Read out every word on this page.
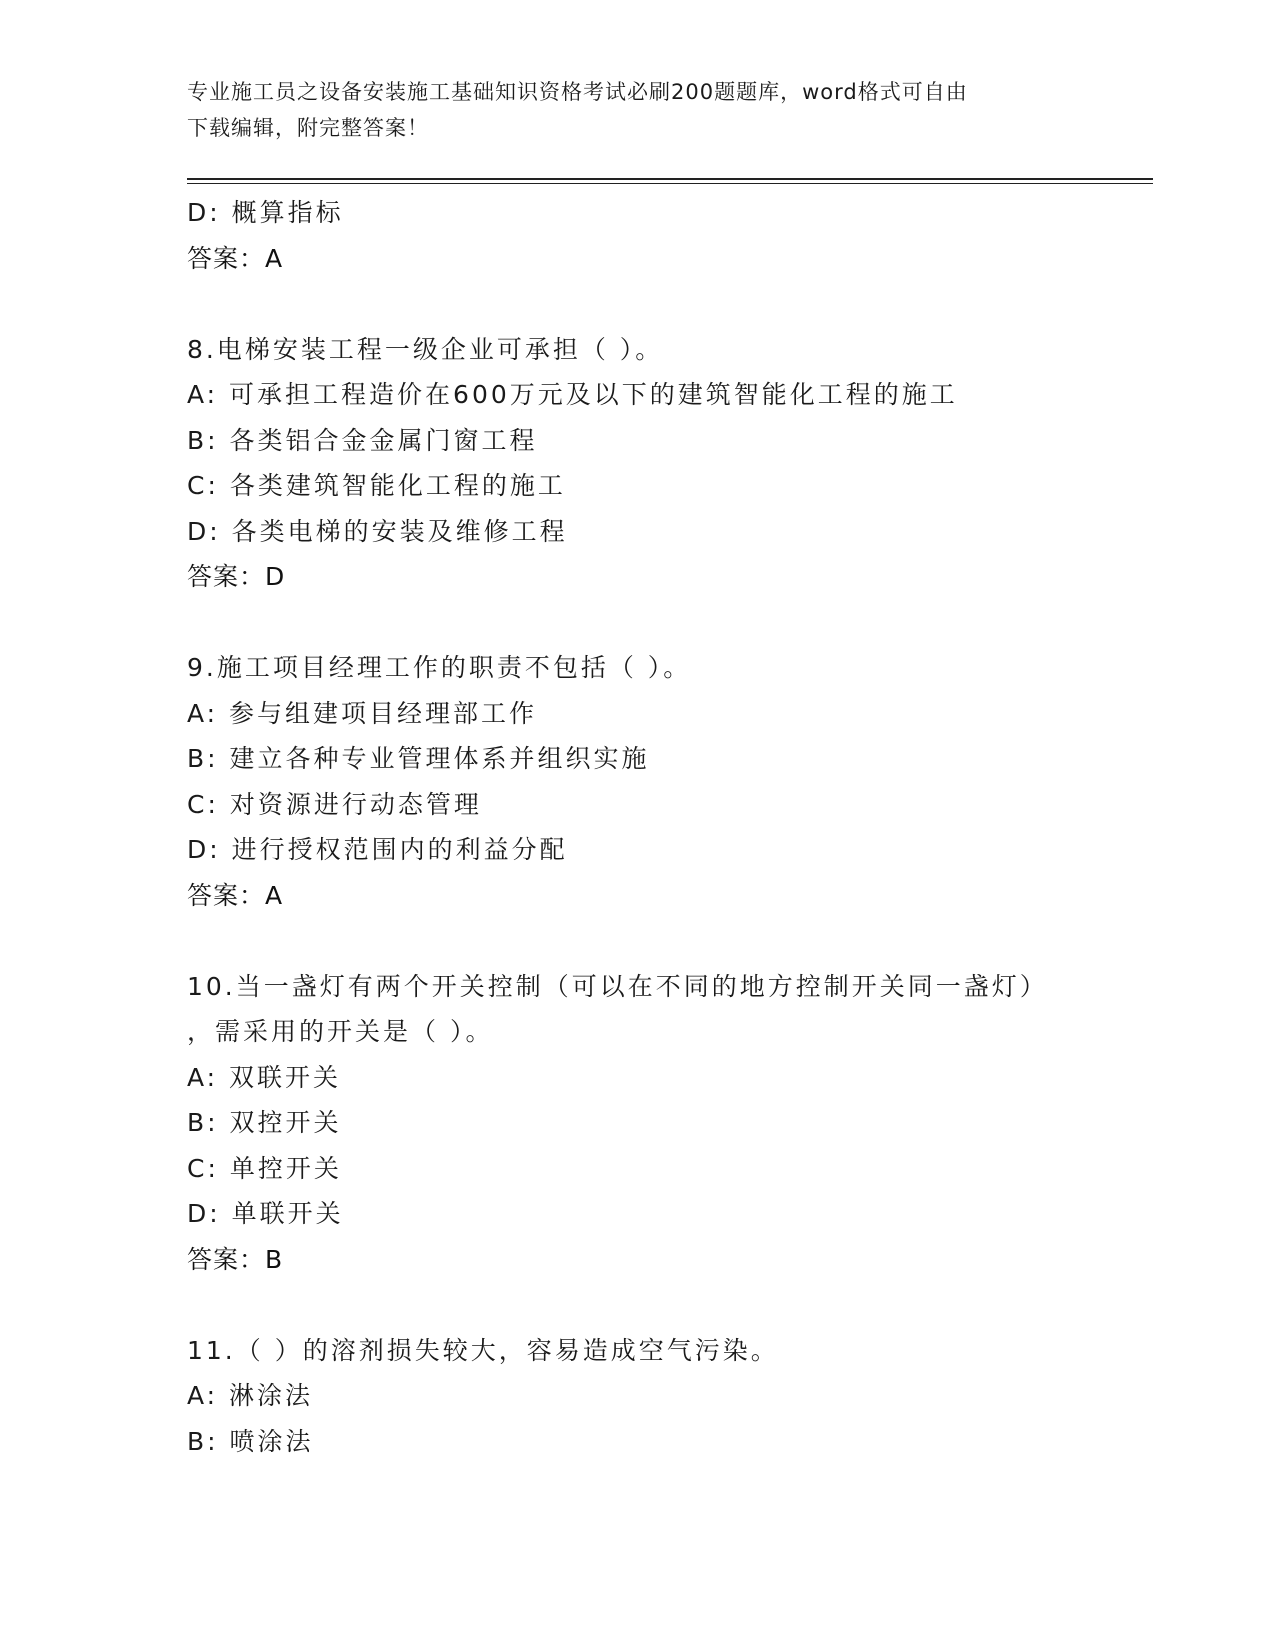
专业施工员之设备安装施工基础知识资格考试必刷200题题库，word格式可自由
下载编辑，附完整答案！
D: 概算指标
答案：A
8.电梯安装工程一级企业可承担（ ）。
A: 可承担工程造价在600万元及以下的建筑智能化工程的施工
B: 各类铝合金金属门窗工程
C: 各类建筑智能化工程的施工
D: 各类电梯的安装及维修工程
答案：D
9.施工项目经理工作的职责不包括（ ）。
A: 参与组建项目经理部工作
B: 建立各种专业管理体系并组织实施
C: 对资源进行动态管理
D: 进行授权范围内的利益分配
答案：A
10.当一盏灯有两个开关控制（可以在不同的地方控制开关同一盏灯）
，需采用的开关是（ ）。
A: 双联开关
B: 双控开关
C: 单控开关
D: 单联开关
答案：B
11.（ ）的溶剂损失较大，容易造成空气污染。
A: 淋涂法
B: 喷涂法
